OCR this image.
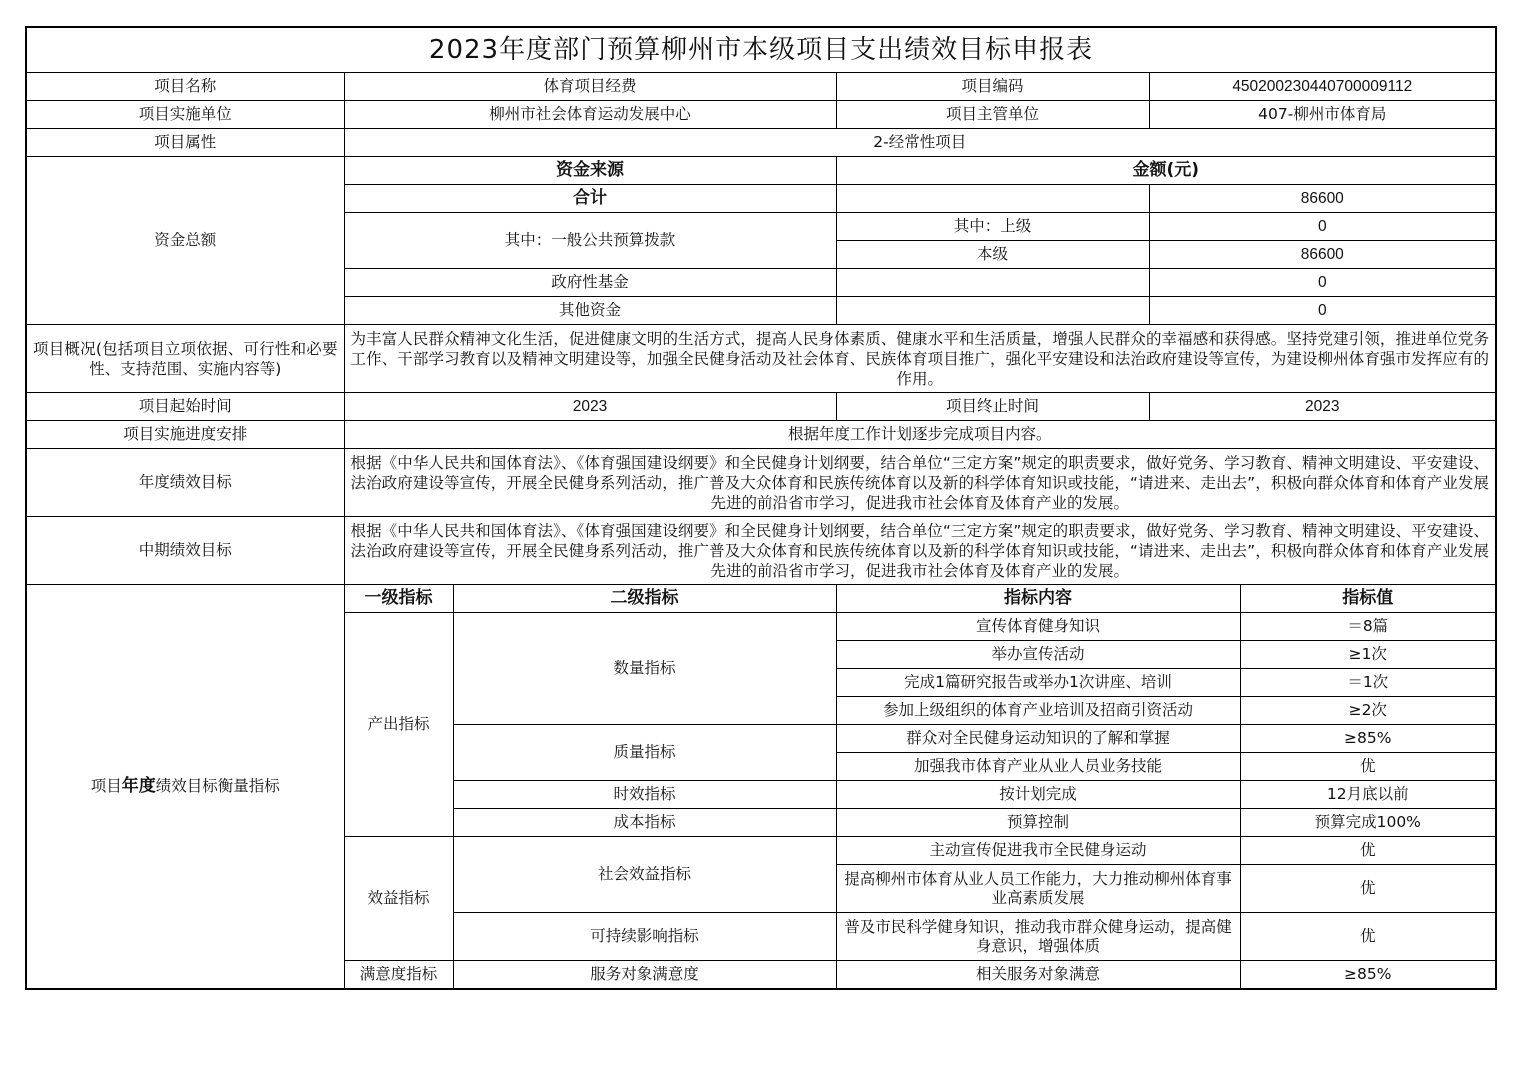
2023年度部门预算柳州市本级项目支出绩效目标申报表					
项目名称	体育项目经费		项目编码	450200230440700009112	
项目实施单位	柳州市社会体育运动发展中心		项目主管单位	407-柳州市体育局	
项目属性	2-经常性项目				
资金总额	资金来源		金额(元)		
	合计			86600	
	其中：一般公共预算拨款		其中：上级	0	
			本级	86600	
	政府性基金			0	
	其他资金			0	
项目概况(包括项目立项依据、可行性和必要性、支持范围、实施内容等)	为丰富人民群众精神文化生活，促进健康文明的生活方式，提高人民身体素质、健康水平和生活质量，增强人民群众的幸福感和获得感。坚持党建引领，推进单位党务工作、干部学习教育以及精神文明建设等，加强全民健身活动及社会体育、民族体育项目推广，强化平安建设和法治政府建设等宣传，为建设柳州体育强市发挥应有的作用。				
项目起始时间	2023		项目终止时间	2023	
项目实施进度安排	根据年度工作计划逐步完成项目内容。				
年度绩效目标	根据《中华人民共和国体育法》、《体育强国建设纲要》和全民健身计划纲要，结合单位“三定方案”规定的职责要求，做好党务、学习教育、精神文明建设、平安建设、法治政府建设等宣传，开展全民健身系列活动，推广普及大众体育和民族传统体育以及新的科学体育知识或技能，“请进来、走出去”，积极向群众体育和体育产业发展先进的前沿省市学习，促进我市社会体育及体育产业的发展。				
中期绩效目标	根据《中华人民共和国体育法》、《体育强国建设纲要》和全民健身计划纲要，结合单位“三定方案”规定的职责要求，做好党务、学习教育、精神文明建设、平安建设、法治政府建设等宣传，开展全民健身系列活动，推广普及大众体育和民族传统体育以及新的科学体育知识或技能，“请进来、走出去”，积极向群众体育和体育产业发展先进的前沿省市学习，促进我市社会体育及体育产业的发展。				
项目年度绩效目标衡量指标	一级指标	二级指标	指标内容		指标值
	产出指标	数量指标	宣传体育健身知识		＝8篇
			举办宣传活动		≥1次
			完成1篇研究报告或举办1次讲座、培训		＝1次
			参加上级组织的体育产业培训及招商引资活动		≥2次
		质量指标	群众对全民健身运动知识的了解和掌握		≥85%
			加强我市体育产业从业人员业务技能		优
		时效指标	按计划完成		12月底以前
		成本指标	预算控制		预算完成100%
	效益指标	社会效益指标	主动宣传促进我市全民健身运动		优
			提高柳州市体育从业人员工作能力，大力推动柳州体育事业高素质发展		优
		可持续影响指标	普及市民科学健身知识，推动我市群众健身运动，提高健身意识，增强体质		优
	满意度指标	服务对象满意度	相关服务对象满意		≥85%
